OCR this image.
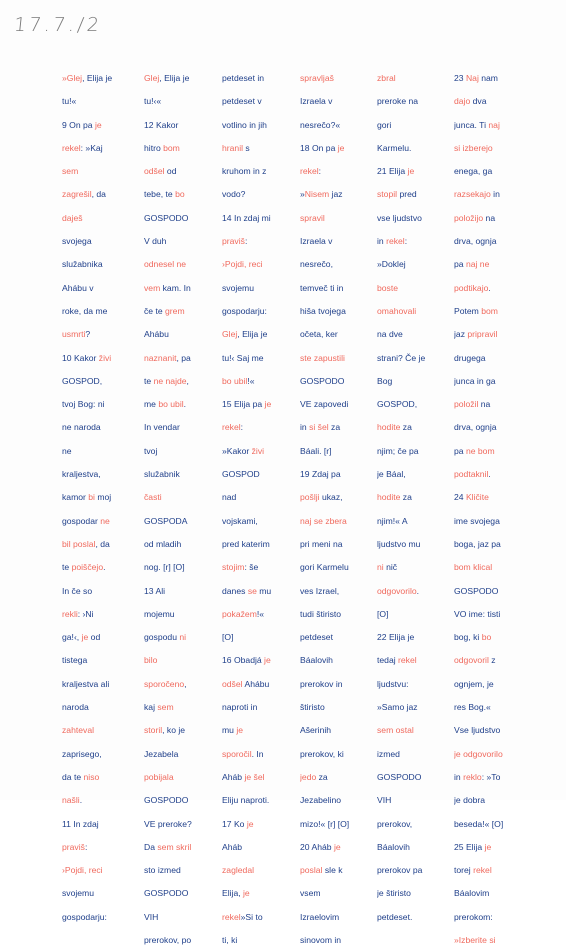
17.7./2
»Glej, Elija je
tu!«
9 On pa je
rekel: »Kaj
sem
zagrešil, da
daješ
svojega
služabnika
Ahábu v
roke, da me
usmrti?
10 Kakor živi
GOSPOD,
tvoj Bog: ni
ne naroda
ne
kraljestva,
kamor bi moj
gospodar ne
bil poslal, da
te poiščejo.
In če so
rekli: ›Ni
ga!‹, je od
tistega
kraljestva ali
naroda
zahteval
zaprisego,
da te niso
našli.
11 In zdaj
praviš:
›Pojdi, reci
svojemu
gospodarju:
Glej, Elija je
tu!‹«
12 Kakor
hitro bom
odšel od
tebe, te bo
GOSPODO
V duh
odnesel ne
vem kam. In
če te grem
Ahábu
naznanit, pa
te ne najde,
me bo ubil.
In vendar
tvoj
služabnik
časti
GOSPODA
od mladih
nog. [r] [O]
13 Ali
mojemu
gospodu ni
bilo
sporočeno,
kaj sem
storil, ko je
Jezabela
pobijala
GOSPODO
VE preroke?
Da sem skril
sto izmed
GOSPODO
VIH
prerokov, po
petdeset in
petdeset v
votlino in jih
hranil s
kruhom in z
vodo?
14 In zdaj mi
praviš:
›Pojdi, reci
svojemu
gospodarju:
Glej, Elija je
tu!‹ Saj me
bo ubil!«
15 Elija pa je
rekel:
»Kakor živi
GOSPOD
nad
vojskami,
pred katerim
stojim: še
danes se mu
pokažem!«
[O]
16 Obadjá je
odšel Ahábu
naproti in
mu je
sporočil. In
Aháb je šel
Eliju naproti.
17 Ko je
Aháb
zagledal
Elija, je
rekel»Si to
ti, ki
spravljaš
Izraela v
nesrečo?«
18 On pa je
rekel:
»Nisem jaz
spravil
Izraela v
nesrečo,
temveč ti in
hiša tvojega
očeta, ker
ste zapustili
GOSPODO
VE zapovedi
in si šel za
Báali. [r]
19 Zdaj pa
pošlji ukaz,
naj se zbera
pri meni na
gori Karmelu
ves Izrael,
tudi štiristo
petdeset
Báalovih
prerokov in
štiristo
Ašerinih
prerokov, ki
jedo za
Jezabelino
mizo!« [r] [O]
20 Aháb je
poslal sle k
vsem
Izraelovim
sinovom in
zbral
preroke na
gori
Karmelu.
21 Elija je
stopil pred
vse ljudstvo
in rekel:
»Doklej
boste
omahovali
na dve
strani? Če je
Bog
GOSPOD,
hodite za
njim; če pa
je Báal,
hodite za
njim!« A
ljudstvo mu
ni nič
odgovorilo.
[O]
22 Elija je
tedaj rekel
ljudstvu:
»Samo jaz
sem ostal
izmed
GOSPODO
VIH
prerokov,
Báalovih
prerokov pa
je štiristo
petdeset.
23 Naj nam
dajo dva
junca. Ti naj
si izberejo
enega, ga
razsekajo in
položijo na
drva, ognja
pa naj ne
podtikajo.
Potem bom
jaz pripravil
drugega
junca in ga
položil na
drva, ognja
pa ne bom
podtaknil.
24 Kličite
ime svojega
boga, jaz pa
bom klical
GOSPODO
VO ime: tisti
bog, ki bo
odgovoril z
ognjem, je
res Bog.«
Vse ljudstvo
je odgovorilo
in reklo: »To
je dobra
beseda!« [O]
25 Elija je
torej rekel
Báalovim
prerokom:
»Izberite si
